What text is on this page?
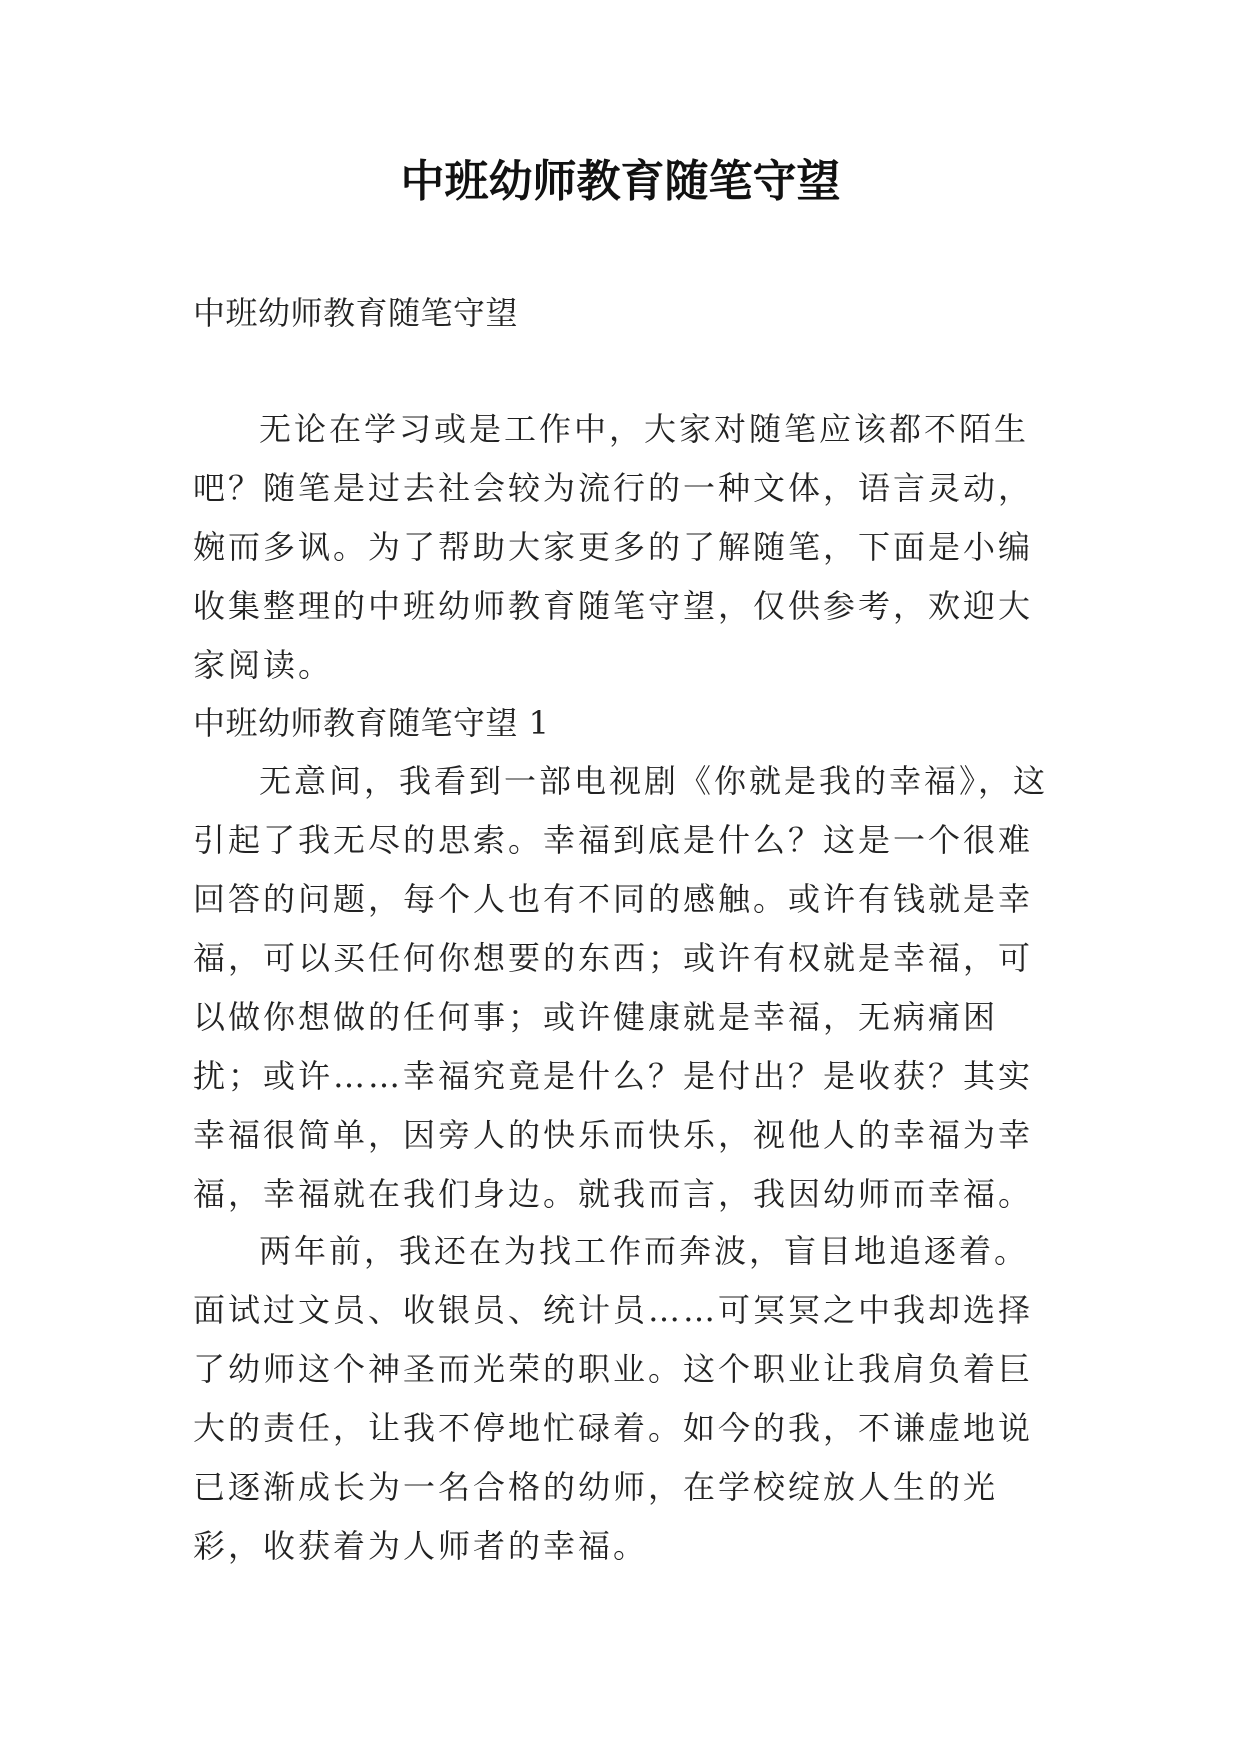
中班幼师教育随笔守望

中班幼师教育随笔守望

无论在学习或是工作中，大家对随笔应该都不陌生吧？随笔是过去社会较为流行的一种文体，语言灵动，婉而多讽。为了帮助大家更多的了解随笔，下面是小编收集整理的中班幼师教育随笔守望，仅供参考，欢迎大家阅读。

中班幼师教育随笔守望 1

无意间，我看到一部电视剧《你就是我的幸福》，这引起了我无尽的思索。幸福到底是什么？这是一个很难回答的问题，每个人也有不同的感触。或许有钱就是幸福，可以买任何你想要的东西；或许有权就是幸福，可以做你想做的任何事；或许健康就是幸福，无病痛困扰；或许……幸福究竟是什么？是付出？是收获？其实幸福很简单，因旁人的快乐而快乐，视他人的幸福为幸福，幸福就在我们身边。就我而言，我因幼师而幸福。

两年前，我还在为找工作而奔波，盲目地追逐着。面试过文员、收银员、统计员……可冥冥之中我却选择了幼师这个神圣而光荣的职业。这个职业让我肩负着巨大的责任，让我不停地忙碌着。如今的我，不谦虚地说已逐渐成长为一名合格的幼师，在学校绽放人生的光彩，收获着为人师者的幸福。
